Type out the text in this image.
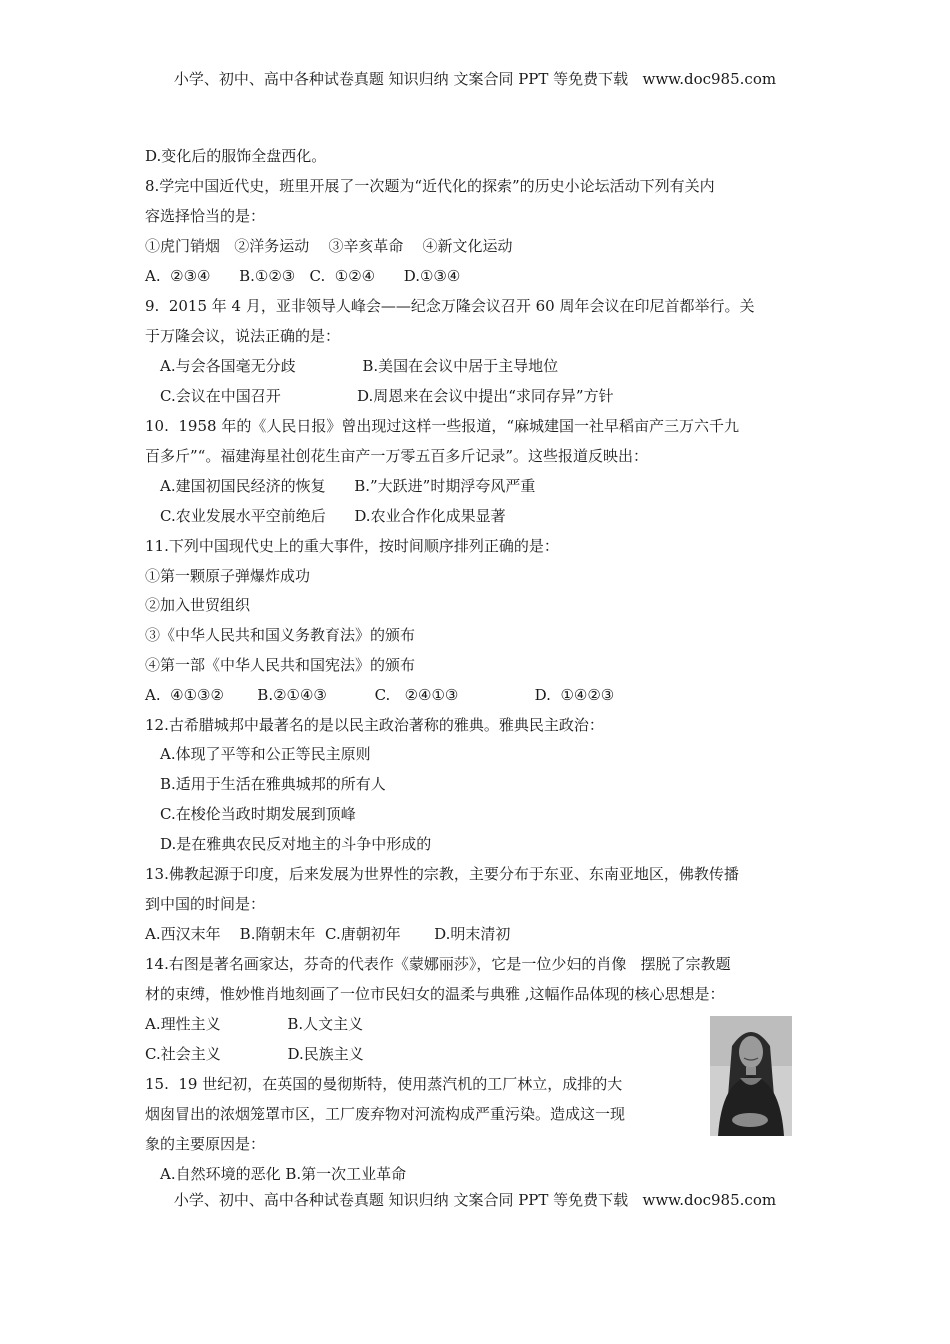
小学、初中、高中各种试卷真题 知识归纳 文案合同 PPT 等免费下载   www.doc985.com
D.变化后的服饰全盘西化。
8.学完中国近代史，班里开展了一次题为“近代化的探索”的历史小论坛活动下列有关内
容选择恰当的是：
①虎门销烟   ②洋务运动    ③辛亥革命    ④新文化运动
A.  ②③④      B.①②③   C.  ①②④      D.①③④
9.  2015 年 4 月，亚非领导人峰会——纪念万隆会议召开 60 周年会议在印尼首都举行。关
于万隆会议，说法正确的是：
A.与会各国毫无分歧              B.美国在会议中居于主导地位
C.会议在中国召开                D.周恩来在会议中提出“求同存异”方针
10.  1958 年的《人民日报》曾出现过这样一些报道，“麻城建国一社早稻亩产三万六千九
百多斤”“。福建海星社创花生亩产一万零五百多斤记录”。这些报道反映出：
A.建国初国民经济的恢复      B.”大跃进”时期浮夸风严重
C.农业发展水平空前绝后      D.农业合作化成果显著
11.下列中国现代史上的重大事件，按时间顺序排列正确的是：
①第一颗原子弹爆炸成功
②加入世贸组织
③《中华人民共和国义务教育法》的颁布
④第一部《中华人民共和国宪法》的颁布
A.  ④①③②       B.②①④③          C.   ②④①③                D.  ①④②③
12.古希腊城邦中最著名的是以民主政治著称的雅典。雅典民主政治：
A.体现了平等和公正等民主原则
B.适用于生活在雅典城邦的所有人
C.在梭伦当政时期发展到顶峰
D.是在雅典农民反对地主的斗争中形成的
13.佛教起源于印度，后来发展为世界性的宗教，主要分布于东亚、东南亚地区，佛教传播
到中国的时间是：
A.西汉末年    B.隋朝末年  C.唐朝初年       D.明末清初
14.右图是著名画家达，芬奇的代表作《蒙娜丽莎》，它是一位少妇的肖像   摆脱了宗教题
材的束缚，惟妙惟肖地刻画了一位市民妇女的温柔与典雅 ,这幅作品体现的核心思想是：
A.理性主义              B.人文主义
C.社会主义              D.民族主义
15.  19 世纪初，在英国的曼彻斯特，使用蒸汽机的工厂林立，成排的大
烟囱冒出的浓烟笼罩市区，工厂废弃物对河流构成严重污染。造成这一现
象的主要原因是：
A.自然环境的恶化 B.第一次工业革命
小学、初中、高中各种试卷真题 知识归纳 文案合同 PPT 等免费下载   www.doc985.com
